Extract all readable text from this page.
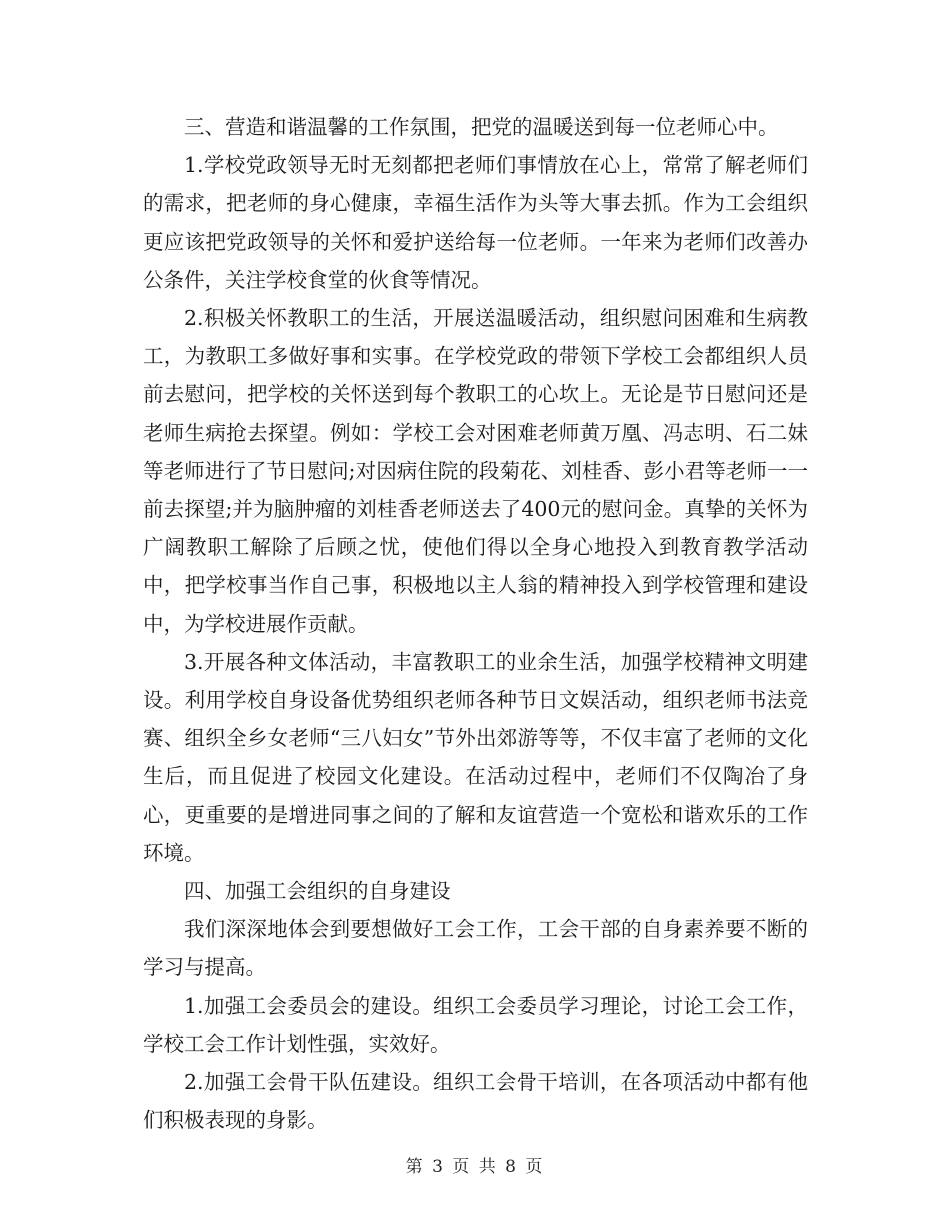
三、营造和谐温馨的工作氛围，把党的温暖送到每一位老师心中。

1.学校党政领导无时无刻都把老师们事情放在心上，常常了解老师们的需求，把老师的身心健康，幸福生活作为头等大事去抓。作为工会组织更应该把党政领导的关怀和爱护送给每一位老师。一年来为老师们改善办公条件，关注学校食堂的伙食等情况。

2.积极关怀教职工的生活，开展送温暖活动，组织慰问困难和生病教工，为教职工多做好事和实事。在学校党政的带领下学校工会都组织人员前去慰问，把学校的关怀送到每个教职工的心坎上。无论是节日慰问还是老师生病抢去探望。例如：学校工会对困难老师黄万凰、冯志明、石二妹等老师进行了节日慰问;对因病住院的段菊花、刘桂香、彭小君等老师一一前去探望;并为脑肿瘤的刘桂香老师送去了400元的慰问金。真挚的关怀为广阔教职工解除了后顾之忧，使他们得以全身心地投入到教育教学活动中，把学校事当作自己事，积极地以主人翁的精神投入到学校管理和建设中，为学校进展作贡献。

3.开展各种文体活动，丰富教职工的业余生活，加强学校精神文明建设。利用学校自身设备优势组织老师各种节日文娱活动，组织老师书法竞赛、组织全乡女老师“三八妇女”节外出郊游等等，不仅丰富了老师的文化生后，而且促进了校园文化建设。在活动过程中，老师们不仅陶冶了身心，更重要的是增进同事之间的了解和友谊营造一个宽松和谐欢乐的工作环境。

四、加强工会组织的自身建设

我们深深地体会到要想做好工会工作，工会干部的自身素养要不断的学习与提高。

1.加强工会委员会的建设。组织工会委员学习理论，讨论工会工作，学校工会工作计划性强，实效好。

2.加强工会骨干队伍建设。组织工会骨干培训，在各项活动中都有他们积极表现的身影。

第 3 页 共 8 页
